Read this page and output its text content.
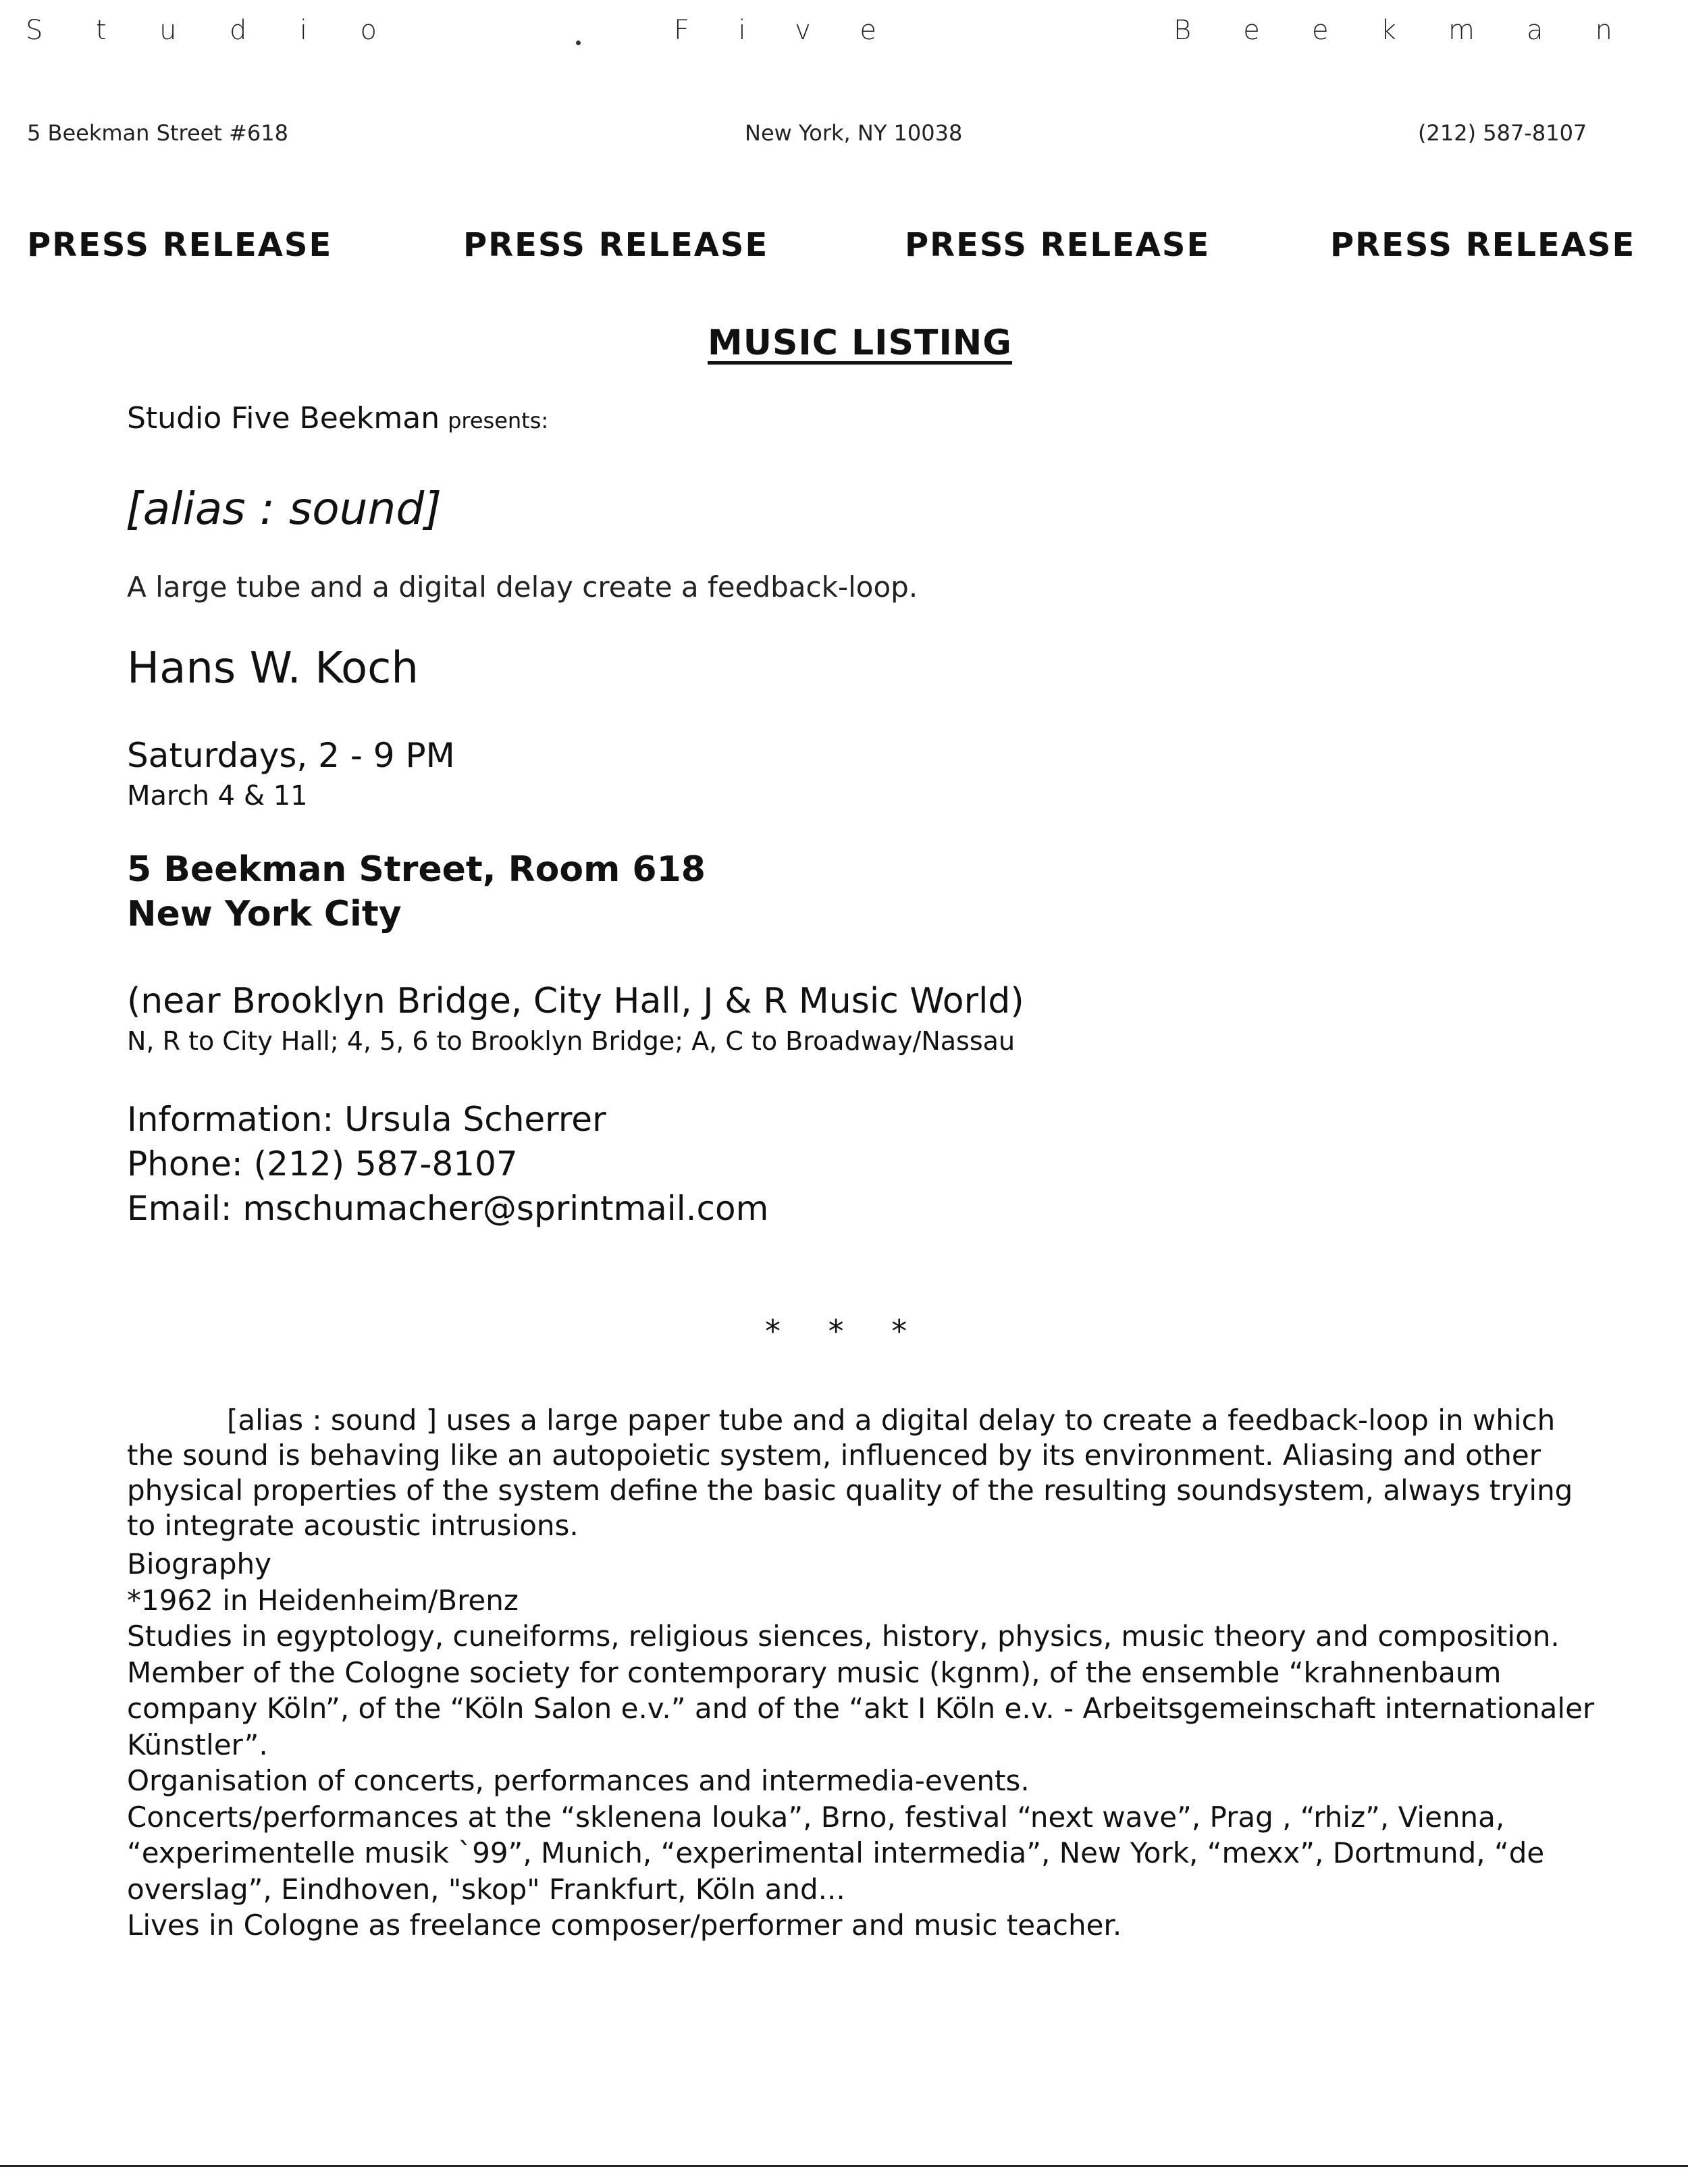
S t u d i o	F i v e	B e e k m a n
5 Beekman Street #618	New York, NY 10038	(212) 587-8107
PRESS RELEASE	PRESS RELEASE	PRESS RELEASE	PRESS RELEASE
MUSIC LISTING
Studio Five Beekman presents:
[alias : sound]
A large tube and a digital delay create a feedback-loop.
Hans W. Koch
Saturdays, 2 - 9 PM
March 4 & 11
5 Beekman Street, Room 618
New York City
(near Brooklyn Bridge, City Hall, J & R Music World)
N, R to City Hall; 4, 5, 6 to Brooklyn Bridge; A, C to Broadway/Nassau
Information: Ursula Scherrer
Phone: (212) 587-8107
Email: mschumacher@sprintmail.com
* * *

[alias : sound ] uses a large paper tube and a digital delay to create a feedback-loop in which the sound is behaving like an autopoietic system, influenced by its environment. Aliasing and other physical properties of the system define the basic quality of the resulting soundsystem, always trying to integrate acoustic intrusions.

Biography

*1962 in Heidenheim/Brenz

Studies in egyptology, cuneiforms, religious siences, history, physics, music theory and composition.

Member of the Cologne society for contemporary music (kgnm), of the ensemble “krahnenbaum company Köln”, of the “Köln Salon e.v.” and of the “akt I Köln e.v. - Arbeitsgemeinschaft internationaler Künstler”.

Organisation of concerts, performances and intermedia-events.

Concerts/performances at the “sklenena louka”, Brno, festival “next wave”, Prag , “rhiz”, Vienna, “experimentelle musik `99”, Munich, “experimental intermedia”, New York, “mexx”, Dortmund, “de overslag”, Eindhoven, "skop" Frankfurt, Köln and...

Lives in Cologne as freelance composer/performer and music teacher.
